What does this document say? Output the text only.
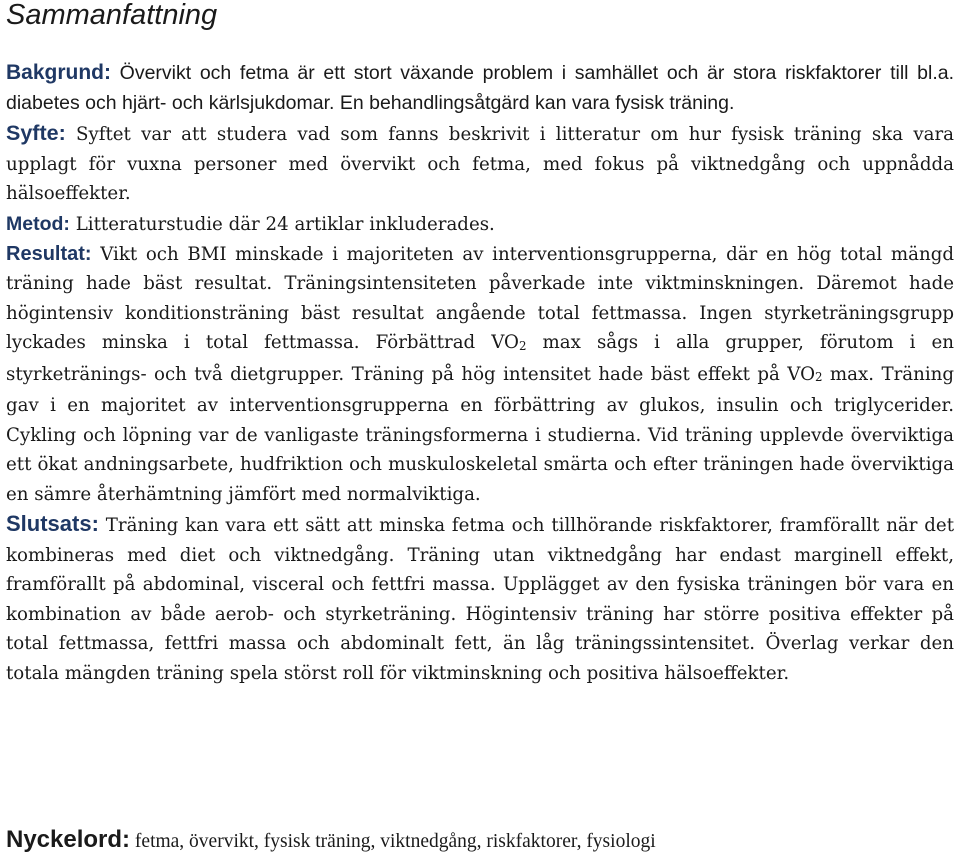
Sammanfattning

Bakgrund: Övervikt och fetma är ett stort växande problem i samhället och är stora riskfaktorer till bl.a. diabetes och hjärt- och kärlsjukdomar. En behandlingsåtgärd kan vara fysisk träning.

Syfte: Syftet var att studera vad som fanns beskrivit i litteratur om hur fysisk träning ska vara upplagt för vuxna personer med övervikt och fetma, med fokus på viktnedgång och uppnådda hälsoeffekter.

Metod: Litteraturstudie där 24 artiklar inkluderades.

Resultat: Vikt och BMI minskade i majoriteten av interventionsgrupperna, där en hög total mängd träning hade bäst resultat. Träningsintensiteten påverkade inte viktminskningen. Däremot hade högintensiv konditionsträning bäst resultat angående total fettmassa. Ingen styrketräningsgrupp lyckades minska i total fettmassa. Förbättrad $VO_2$ max sågs i alla grupper, förutom i en styrketränings- och två dietgrupper. Träning på hög intensitet hade bäst effekt på $VO_2$ max. Träning gav i en majoritet av interventionsgrupperna en förbättring av glukos, insulin och triglycerider. Cykling och löpning var de vanligaste träningsformerna i studierna. Vid träning upplevde överviktiga ett ökat andningsarbete, hudfriktion och muskuloskeletal smärta och efter träningen hade överviktiga en sämre återhämtning jämfört med normalviktiga.

Slutsats: Träning kan vara ett sätt att minska fetma och tillhörande riskfaktorer, framförallt när det kombineras med diet och viktnedgång. Träning utan viktnedgång har endast marginell effekt, framförallt på abdominal, visceral och fettfri massa. Upplägget av den fysiska träningen bör vara en kombination av både aerob- och styrketräning. Högintensiv träning har större positiva effekter på total fettmassa, fettfri massa och abdominalt fett, än låg träningssintensitet. Överlag verkar den totala mängden träning spela störst roll för viktminskning och positiva hälsoeffekter.

Nyckelord: fetma, övervikt, fysisk träning, viktnedgång, riskfaktorer, fysiologi
